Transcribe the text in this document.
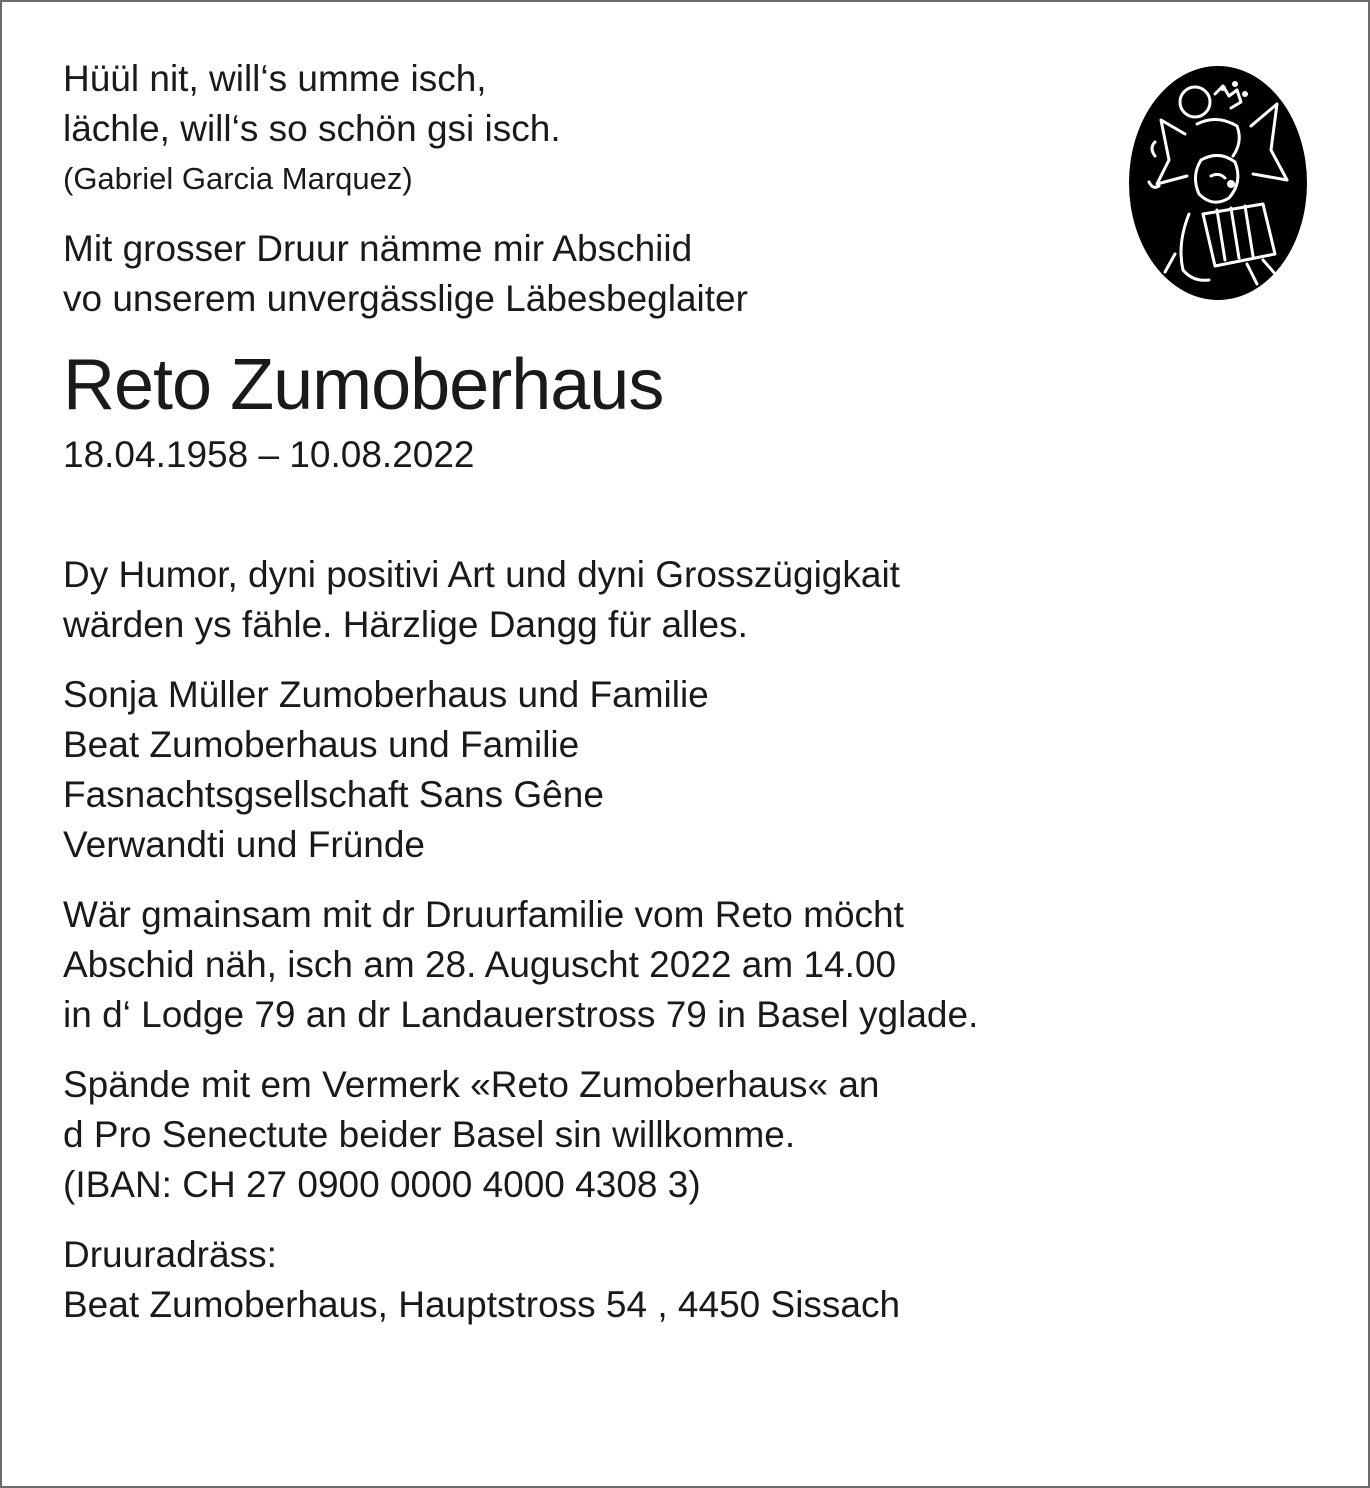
Hüül nit, will‘s umme isch,
lächle, will‘s so schön gsi isch.
(Gabriel Garcia Marquez)
Mit grosser Druur nämme mir Abschiid
vo unserem unvergässlige Läbesbeglaiter
Reto Zumoberhaus
18.04.1958 – 10.08.2022
Dy Humor, dyni positivi Art und dyni Grosszügigkait
wärden ys fähle. Härzlige Dangg für alles.
Sonja Müller Zumoberhaus und Familie
Beat Zumoberhaus und Familie
Fasnachtsgsellschaft Sans Gêne
Verwandti und Fründe
Wär gmainsam mit dr Druurfamilie vom Reto möcht
Abschid näh, isch am 28. Auguscht 2022 am 14.00
in d‘ Lodge 79 an dr Landauerstross 79 in Basel yglade.
Spände mit em Vermerk «Reto Zumoberhaus« an
d Pro Senectute beider Basel sin willkomme.
(IBAN: CH 27 0900 0000 4000 4308 3)
Druuradräss:
Beat Zumoberhaus, Hauptstross 54 , 4450 Sissach
